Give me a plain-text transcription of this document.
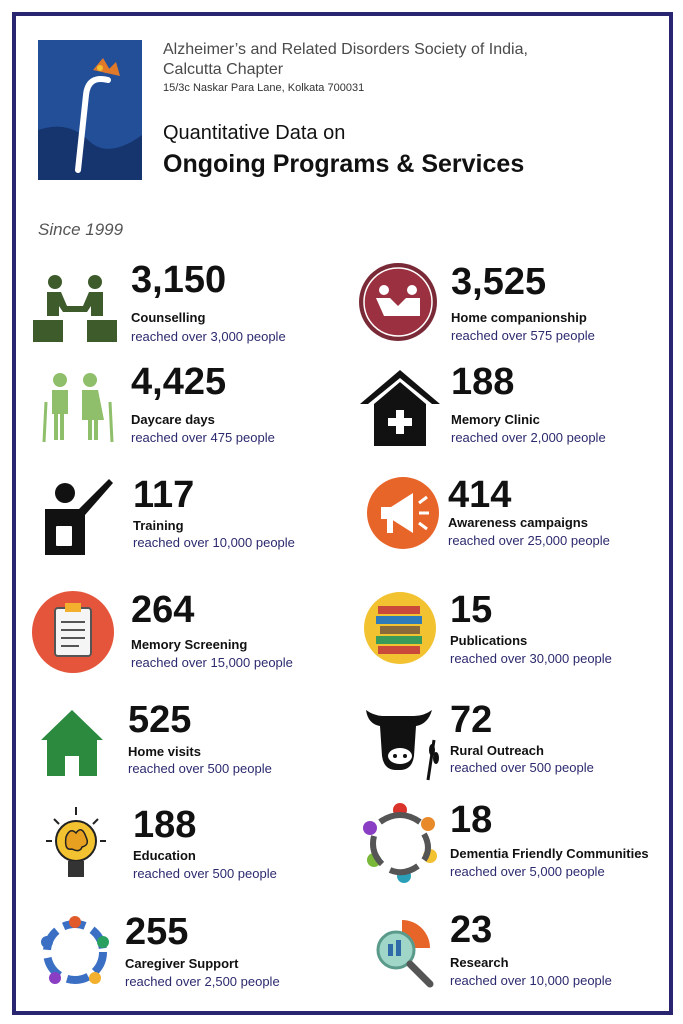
Alzheimer’s and Related Disorders Society of India,
Calcutta Chapter
15/3c Naskar Para Lane, Kolkata 700031
Quantitative Data on
Ongoing Programs & Services
Since 1999
3,150
Counselling
reached over 3,000 people
4,425
Daycare days
reached over 475 people
117
Training
reached over 10,000 people
264
Memory Screening
reached over 15,000 people
525
Home visits
reached over 500 people
188
Education
reached over 500 people
255
Caregiver Support
reached over 2,500 people
3,525
Home companionship
reached over 575 people
188
Memory Clinic
reached over 2,000 people
414
Awareness campaigns
reached over 25,000 people
15
Publications
reached over 30,000 people
72
Rural Outreach
reached over 500 people
18
Dementia Friendly Communities
reached over 5,000 people
23
Research
reached over 10,000 people
